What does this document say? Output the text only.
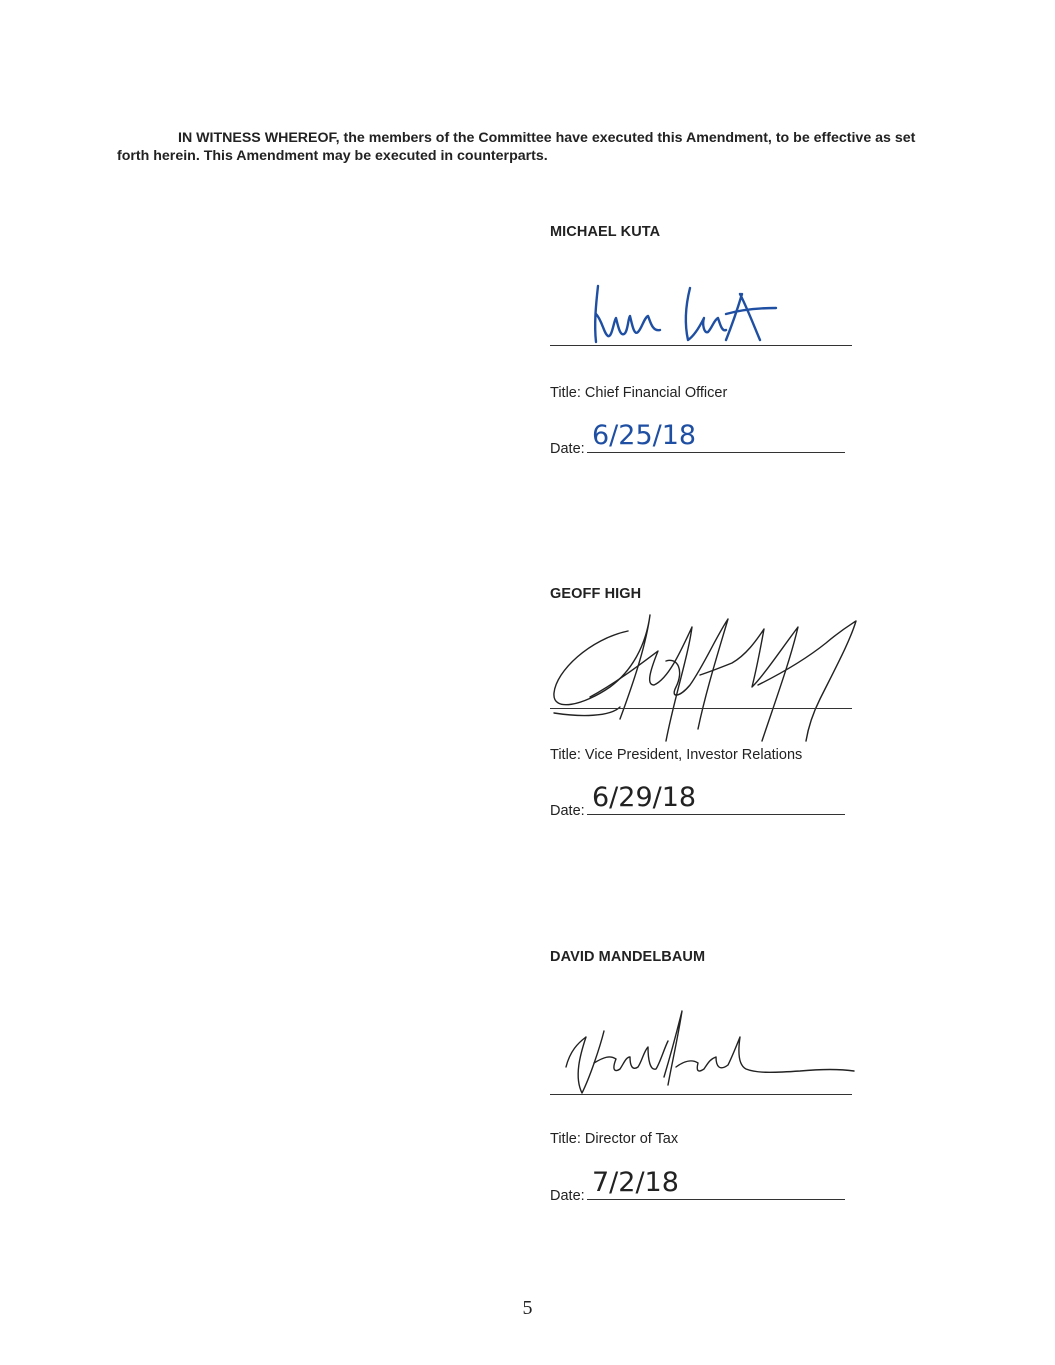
IN WITNESS WHEREOF, the members of the Committee have executed this Amendment, to be effective as set forth herein. This Amendment may be executed in counterparts.

MICHAEL KUTA
Title: Chief Financial Officer
Date: 6/25/18
GEOFF HIGH
Title: Vice President, Investor Relations
Date: 6/29/18
DAVID MANDELBAUM
Title: Director of Tax
Date: 7/2/18
5
